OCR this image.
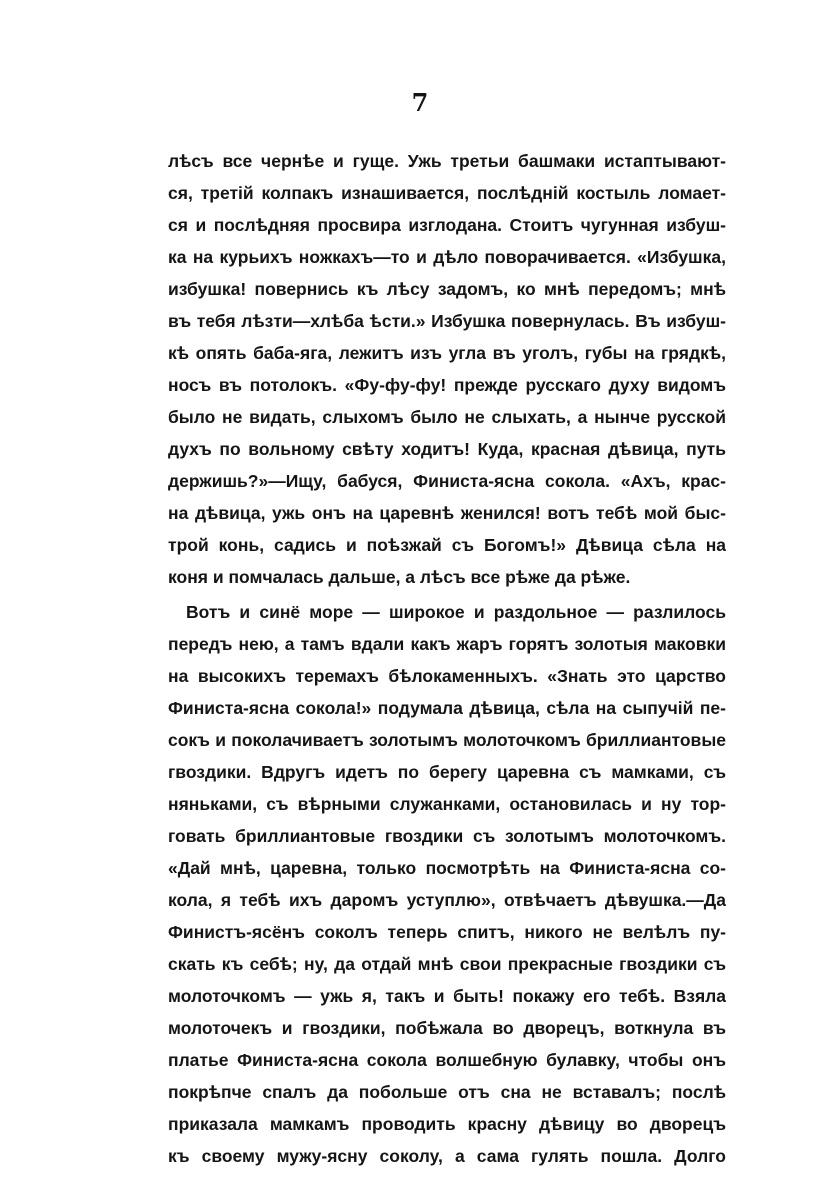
7
лѣсъ все чернѣе и гуще. Ужь третьи башмаки истаптывают-
ся, третій колпакъ изнашивается, послѣдній костыль ломает-
ся и послѣдняя просвира изглодана. Стоитъ чугунная избуш-
ка на курьихъ ножкахъ—то и дѣло поворачивается. «Избушка,
избушка! повернись къ лѣсу задомъ, ко мнѣ передомъ; мнѣ
въ тебя лѣзти—хлѣба ѣсти.» Избушка повернулась. Въ избуш-
кѣ опять баба-яга, лежитъ изъ угла въ уголъ, губы на грядкѣ,
носъ въ потолокъ. «Фу-фу-фу! прежде русскаго духу видомъ
было не видать, слыхомъ было не слыхать, а нынче русской
духъ по вольному свѣту ходитъ! Куда, красная дѣвица, путь
держишь?»—Ищу, бабуся, Финиста-ясна сокола. «Ахъ, крас-
на дѣвица, ужь онъ на царевнѣ женился! вотъ тебѣ мой быс-
трой конь, садись и поѣзжай съ Богомъ!» Дѣвица сѣла на
коня и помчалась дальше, а лѣсъ все рѣже да рѣже.
Вотъ и синё море — широкое и раздольное — разлилось
передъ нею, а тамъ вдали какъ жаръ горятъ золотыя маковки
на высокихъ теремахъ бѣлокаменныхъ. «Знать это царство
Финиста-ясна сокола!» подумала дѣвица, сѣла на сыпучій пе-
сокъ и поколачиваетъ золотымъ молоточкомъ бриллиантовые
гвоздики. Вдругъ идетъ по берегу царевна съ мамками, съ
няньками, съ вѣрными служанками, остановилась и ну тор-
говать бриллиантовые гвоздики съ золотымъ молоточкомъ.
«Дай мнѣ, царевна, только посмотрѣть на Финиста-ясна со-
кола, я тебѣ ихъ даромъ уступлю», отвѣчаетъ дѣвушка.—Да
Финистъ-ясёнъ соколъ теперь спитъ, никого не велѣлъ пу-
скать къ себѣ; ну, да отдай мнѣ свои прекрасные гвоздики съ
молоточкомъ — ужь я, такъ и быть! покажу его тебѣ. Взяла
молоточекъ и гвоздики, побѣжала во дворецъ, воткнула въ
платье Финиста-ясна сокола волшебную булавку, чтобы онъ
покрѣпче спалъ да побольше отъ сна не вставалъ; послѣ
приказала мамкамъ проводить красну дѣвицу во дворецъ
къ своему мужу-ясну соколу, а сама гулять пошла. Долго
